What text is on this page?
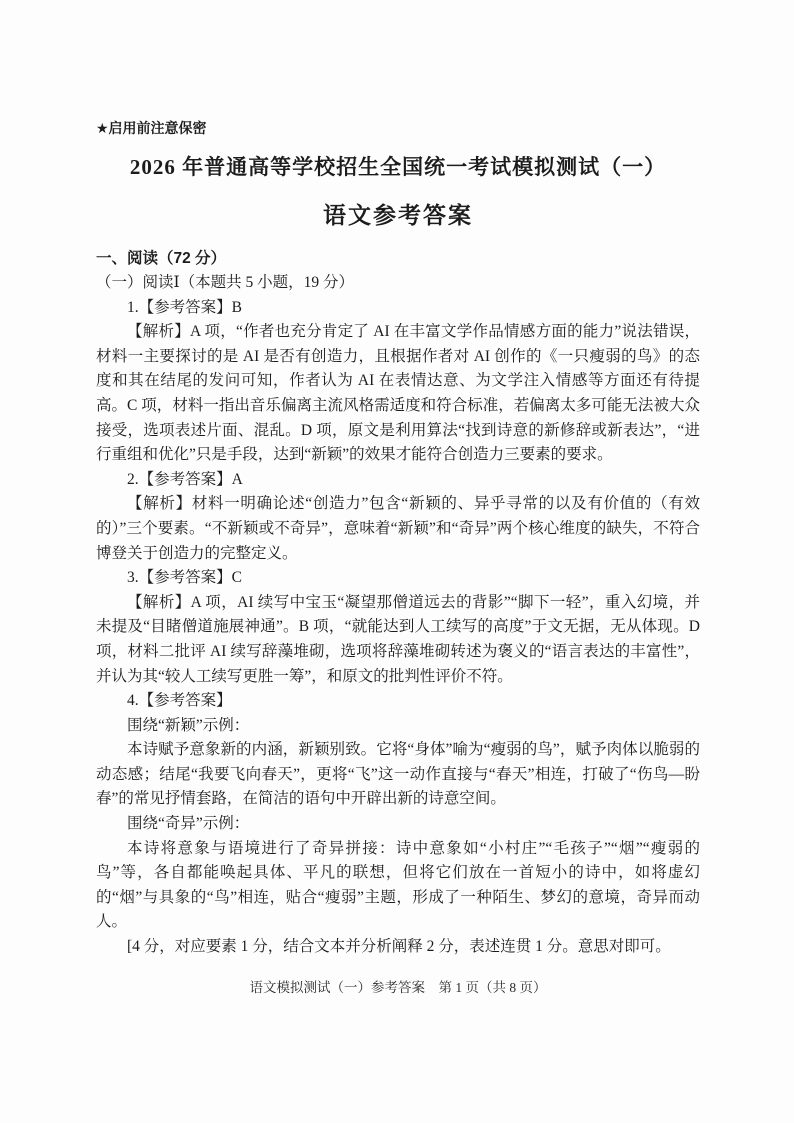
★启用前注意保密
2026 年普通高等学校招生全国统一考试模拟测试（一）
语文参考答案
一、阅读（72 分）
（一）阅读Ⅰ（本题共 5 小题，19 分）

1.【参考答案】B

【解析】A 项，“作者也充分肯定了 AI 在丰富文学作品情感方面的能力”说法错误，材料一主要探讨的是 AI 是否有创造力，且根据作者对 AI 创作的《一只瘦弱的鸟》的态度和其在结尾的发问可知，作者认为 AI 在表情达意、为文学注入情感等方面还有待提高。C 项，材料一指出音乐偏离主流风格需适度和符合标准，若偏离太多可能无法被大众接受，选项表述片面、混乱。D 项，原文是利用算法“找到诗意的新修辞或新表达”，“进行重组和优化”只是手段，达到“新颖”的效果才能符合创造力三要素的要求。

2.【参考答案】A

【解析】材料一明确论述“创造力”包含“新颖的、异乎寻常的以及有价值的（有效的）”三个要素。“不新颖或不奇异”，意味着“新颖”和“奇异”两个核心维度的缺失，不符合博登关于创造力的完整定义。

3.【参考答案】C

【解析】A 项，AI 续写中宝玉“凝望那僧道远去的背影”“脚下一轻”，重入幻境，并未提及“目睹僧道施展神通”。B 项，“就能达到人工续写的高度”于文无据，无从体现。D 项，材料二批评 AI 续写辞藻堆砌，选项将辞藻堆砌转述为褒义的“语言表达的丰富性”，并认为其“较人工续写更胜一筹”，和原文的批判性评价不符。

4.【参考答案】

围绕“新颖”示例：

本诗赋予意象新的内涵，新颖别致。它将“身体”喻为“瘦弱的鸟”，赋予肉体以脆弱的动态感；结尾“我要飞向春天”，更将“飞”这一动作直接与“春天”相连，打破了“伤鸟—盼春”的常见抒情套路，在简洁的语句中开辟出新的诗意空间。

围绕“奇异”示例：

本诗将意象与语境进行了奇异拼接：诗中意象如“小村庄”“毛孩子”“烟”“瘦弱的鸟”等，各自都能唤起具体、平凡的联想，但将它们放在一首短小的诗中，如将虚幻的“烟”与具象的“鸟”相连，贴合“瘦弱”主题，形成了一种陌生、梦幻的意境，奇异而动人。

[4 分，对应要素 1 分，结合文本并分析阐释 2 分，表述连贯 1 分。意思对即可。

语文模拟测试（一）参考答案　第 1 页（共 8 页）
